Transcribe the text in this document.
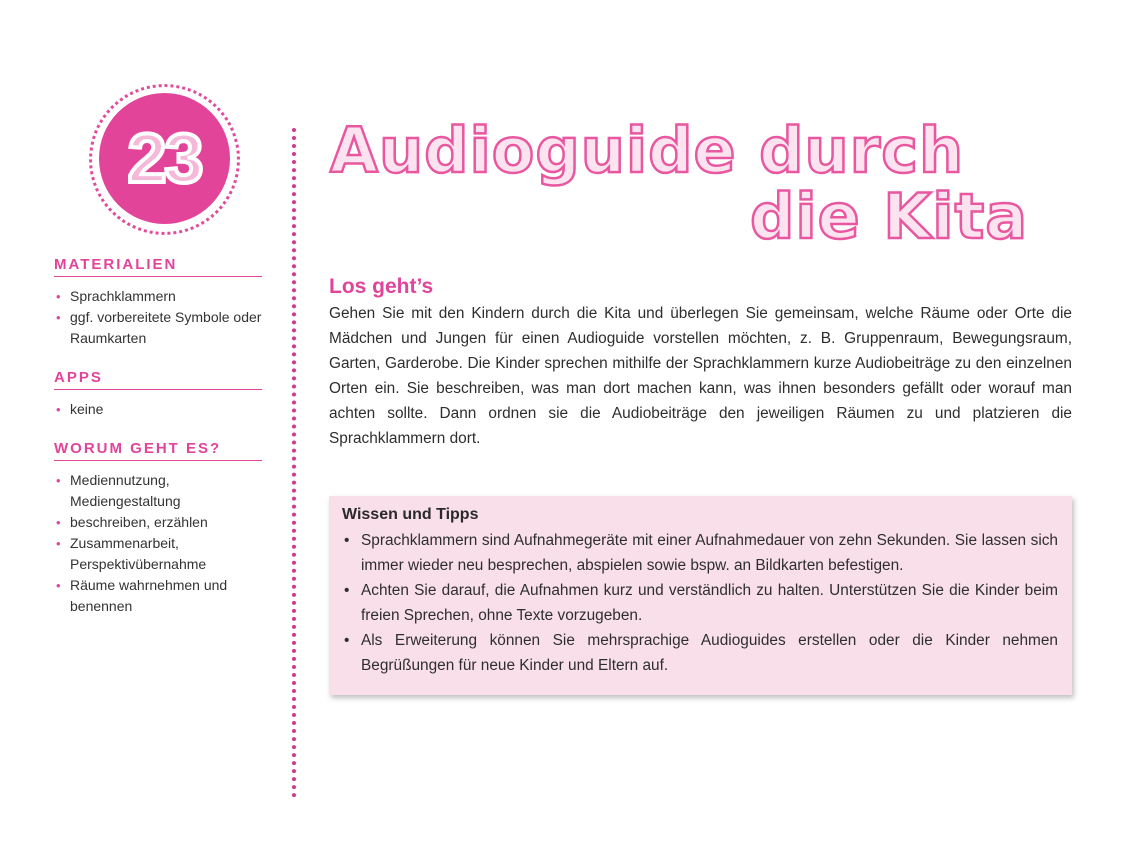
23
MATERIALIEN
• Sprachklammern
• ggf. vorbereitete Symbole oder Raumkarten
APPS
• keine
WORUM GEHT ES?
• Mediennutzung, Mediengestaltung
• beschreiben, erzählen
• Zusammenarbeit, Perspektivübernahme
• Räume wahrnehmen und benennen
Audioguide durch
die Kita
Los geht’s

Gehen Sie mit den Kindern durch die Kita und überlegen Sie gemeinsam, welche Räume oder Orte die Mädchen und Jungen für einen Audioguide vorstellen möchten, z. B. Gruppenraum, Bewegungsraum, Garten, Garderobe. Die Kinder sprechen mithilfe der Sprachklammern kurze Audiobeiträge zu den einzelnen Orten ein. Sie beschreiben, was man dort machen kann, was ihnen besonders gefällt oder worauf man achten sollte. Dann ordnen sie die Audiobeiträge den jeweiligen Räumen zu und platzieren die Sprachklammern dort.

Wissen und Tipps
• Sprachklammern sind Aufnahmegeräte mit einer Aufnahmedauer von zehn Sekunden. Sie lassen sich immer wieder neu besprechen, abspielen sowie bspw. an Bildkarten befestigen.
• Achten Sie darauf, die Aufnahmen kurz und verständlich zu halten. Unterstützen Sie die Kinder beim freien Sprechen, ohne Texte vorzugeben.
• Als Erweiterung können Sie mehrsprachige Audioguides erstellen oder die Kinder nehmen Begrüßungen für neue Kinder und Eltern auf.
